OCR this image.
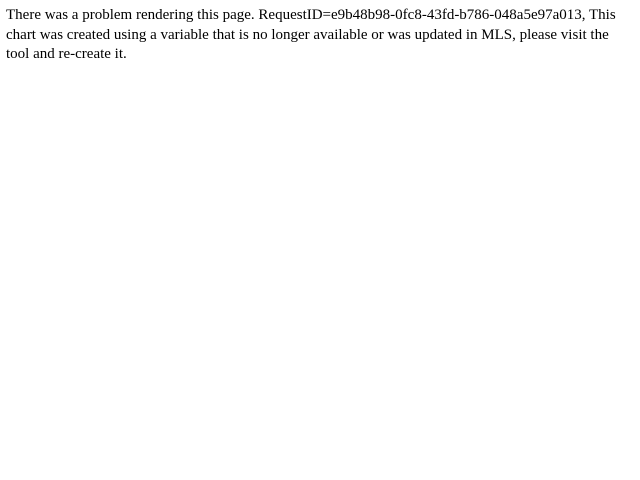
There was a problem rendering this page. RequestID=e9b48b98-0fc8-43fd-b786-048a5e97a013, This chart was created using a variable that is no longer available or was updated in MLS, please visit the tool and re-create it.
